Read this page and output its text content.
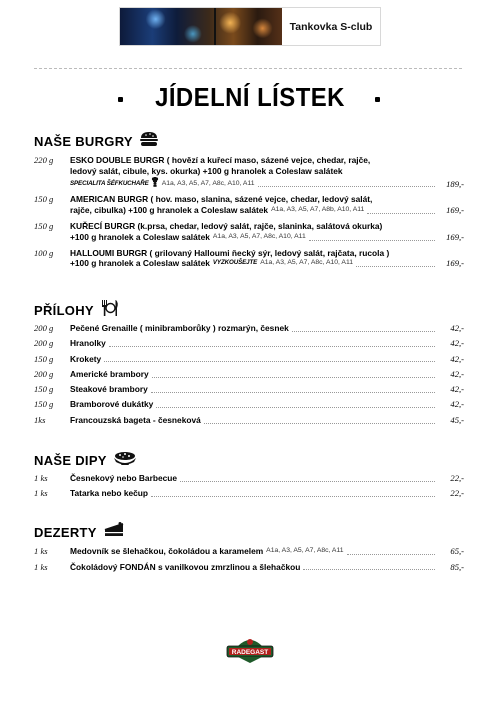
Tankovka S-club
JÍDELNÍ LÍSTEK
NAŠE BURGRY
220 g	ESKO DOUBLE BURGR ( hovězí a kuřecí maso, sázené vejce, chedar, rajče,
ledový salát, cibule, kys. okurka) +100 g hranolek a Coleslaw salátek
SPECIALITA ŠÉFKUCHAŘE A1a, A3, A5, A7, A8c, A10, A11	189,-
150 g	AMERICAN BURGR ( hov. maso, slanina, sázené vejce, chedar, ledový salát,
rajče, cibulka) +100 g hranolek a Coleslaw salátek A1a, A3, A5, A7, A8b, A10, A11	169,-
150 g	KUŘECÍ BURGR (k.prsa, chedar, ledový salát, rajče, slaninka, salátová okurka)
+100 g hranolek a Coleslaw salátek A1a, A3, A5, A7, A8c, A10, A11	169,-
100 g	HALLOUMI BURGR ( grilovaný Halloumi ňecký sýr, ledový salát, rajčata, rucola )
+100 g hranolek a Coleslaw salátek VYZKOUŠEJTE A1a, A3, A5, A7, A8c, A10, A11	169,-
PŘÍLOHY
200 g	Pečené Grenaille ( minibramborůky ) rozmarýn, česnek	42,-
200 g	Hranolky	42,-
150 g	Krokety	42,-
200 g	Americké brambory	42,-
150 g	Steakové brambory	42,-
150 g	Bramborové dukátky	42,-
1ks	Francouzská bageta - česneková	45,-
NAŠE DIPY
1 ks	Česnekový nebo Barbecue	22,-
1 ks	Tatarka nebo kečup	22,-
DEZERTY
1 ks	Medovník se šlehačkou, čokoládou a karamelem A1a, A3, A5, A7, A8c, A11	65,-
1 ks	Čokoládový FONDÁN s vanilkovou zmrzlinou a šlehačkou	85,-
RADEGAST
